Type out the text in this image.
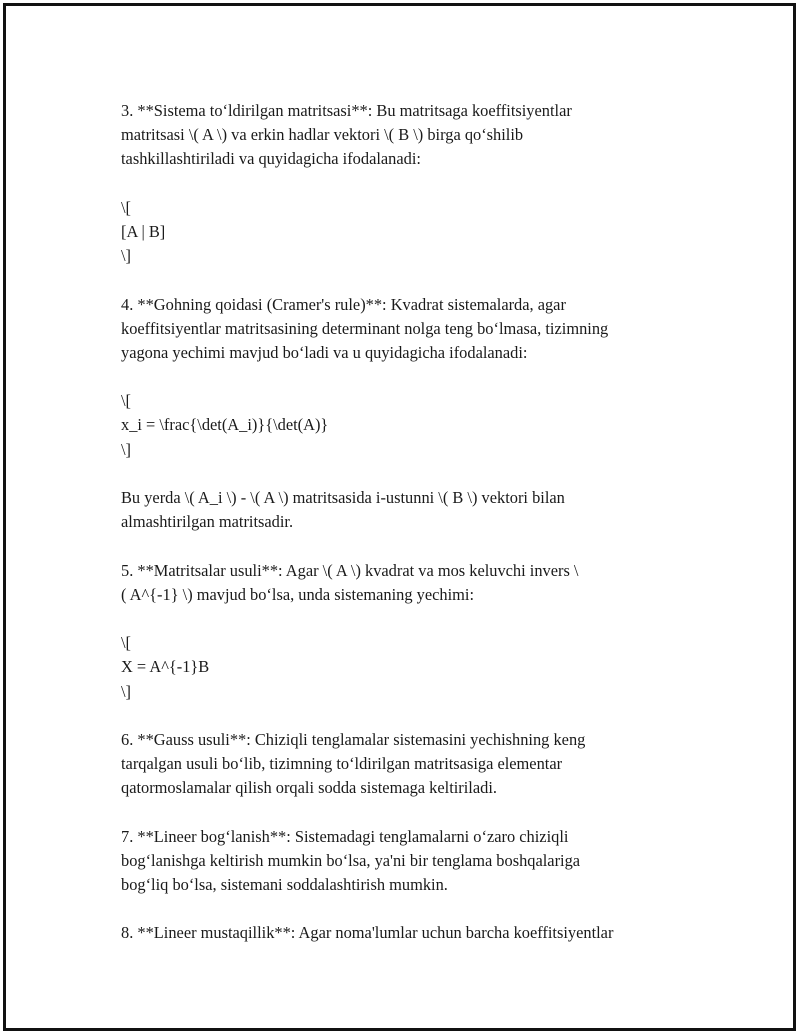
3. **Sistema to‘ldirilgan matritsasi**: Bu matritsaga koeffitsiyentlar
matritsasi \( A \) va erkin hadlar vektori \( B \) birga qo‘shilib
tashkillashtiriladi va quyidagicha ifodalanadi:
\[
[A | B]
\]
4. **Gohning qoidasi (Cramer's rule)**: Kvadrat sistemalarda, agar
koeffitsiyentlar matritsasining determinant nolga teng bo‘lmasa, tizimning
yagona yechimi mavjud bo‘ladi va u quyidagicha ifodalanadi:
\[
x_i = \frac{\det(A_i)}{\det(A)}
\]
Bu yerda \( A_i \) - \( A \) matritsasida i-ustunni \( B \) vektori bilan
almashtirilgan matritsadir.
5. **Matritsalar usuli**: Agar \( A \) kvadrat va mos keluvchi invers \
( A^{-1} \) mavjud bo‘lsa, unda sistemaning yechimi:
\[
X = A^{-1}B
\]
6. **Gauss usuli**: Chiziqli tenglamalar sistemasini yechishning keng
tarqalgan usuli bo‘lib, tizimning to‘ldirilgan matritsasiga elementar
qatormoslamalar qilish orqali sodda sistemaga keltiriladi.
7. **Lineer bog‘lanish**: Sistemadagi tenglamalarni o‘zaro chiziqli
bog‘lanishga keltirish mumkin bo‘lsa, ya'ni bir tenglama boshqalariga
bog‘liq bo‘lsa, sistemani soddalashtirish mumkin.
8. **Lineer mustaqillik**: Agar noma'lumlar uchun barcha koeffitsiyentlar
